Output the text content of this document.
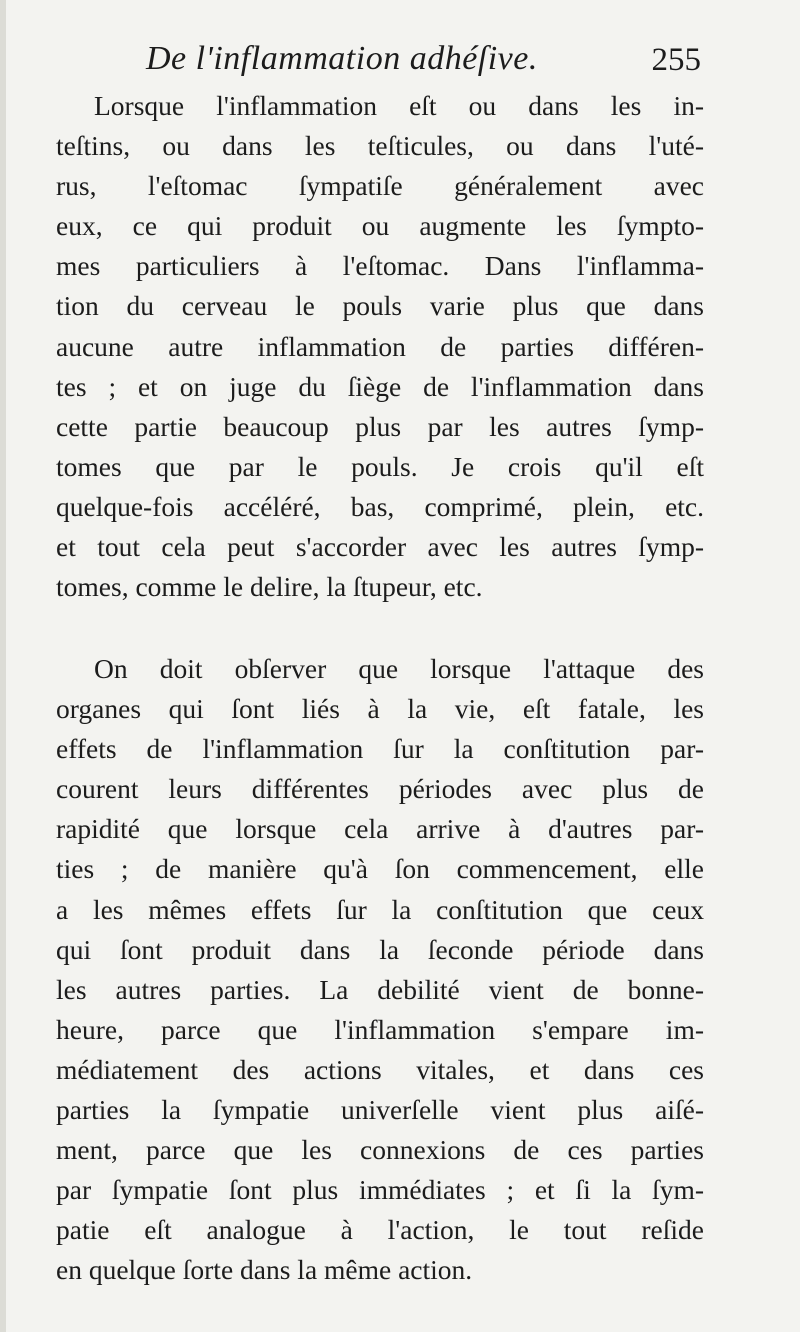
De l'inflammation adhéſive.	255
Lorsque l'inflammation eſt ou dans les in-
teſtins, ou dans les teſticules, ou dans l'uté-
rus, l'eſtomac ſympatiſe généralement avec
eux, ce qui produit ou augmente les ſympto-
mes particuliers à l'eſtomac. Dans l'inflamma-
tion du cerveau le pouls varie plus que dans
aucune autre inflammation de parties différen-
tes ; et on juge du ſiège de l'inflammation dans
cette partie beaucoup plus par les autres ſymp-
tomes que par le pouls. Je crois qu'il eſt
quelque-fois accéléré, bas, comprimé, plein, etc.
et tout cela peut s'accorder avec les autres ſymp-
tomes, comme le delire, la ſtupeur, etc.
On doit obſerver que lorsque l'attaque des
organes qui ſont liés à la vie, eſt fatale, les
effets de l'inflammation ſur la conſtitution par-
courent leurs différentes périodes avec plus de
rapidité que lorsque cela arrive à d'autres par-
ties ; de manière qu'à ſon commencement, elle
a les mêmes effets ſur la conſtitution que ceux
qui ſont produit dans la ſeconde période dans
les autres parties. La debilité vient de bonne-
heure, parce que l'inflammation s'empare im-
médiatement des actions vitales, et dans ces
parties la ſympatie univerſelle vient plus aiſé-
ment, parce que les connexions de ces parties
par ſympatie ſont plus immédiates ; et ſi la ſym-
patie eſt analogue à l'action, le tout reſide
en quelque ſorte dans la même action.
